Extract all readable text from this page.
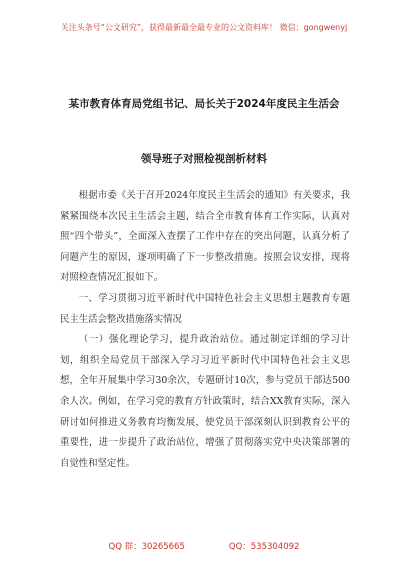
关注头条号“公文研究”，获得最新最全最专业的公文资料库！ 微信：gongwenyj
某市教育体育局党组书记、局长关于2024年度民主生活会
领导班子对照检视剖析材料

根据市委《关于召开2024年度民主生活会的通知》有关要求，我紧紧围绕本次民主生活会主题，结合全市教育体育工作实际，认真对照“四个带头”，全面深入查摆了工作中存在的突出问题，认真分析了问题产生的原因，逐项明确了下一步整改措施。按照会议安排，现将对照检查情况汇报如下。

一、学习贯彻习近平新时代中国特色社会主义思想主题教育专题民主生活会整改措施落实情况

（一）强化理论学习，提升政治站位。通过制定详细的学习计划，组织全局党员干部深入学习习近平新时代中国特色社会主义思想，全年开展集中学习30余次，专题研讨10次，参与党员干部达500余人次。例如，在学习党的教育方针政策时，结合XX教育实际，深入研讨如何推进义务教育均衡发展，使党员干部深刻认识到教育公平的重要性，进一步提升了政治站位，增强了贯彻落实党中央决策部署的自觉性和坚定性。

QQ 群：30265665	QQ：535304092
